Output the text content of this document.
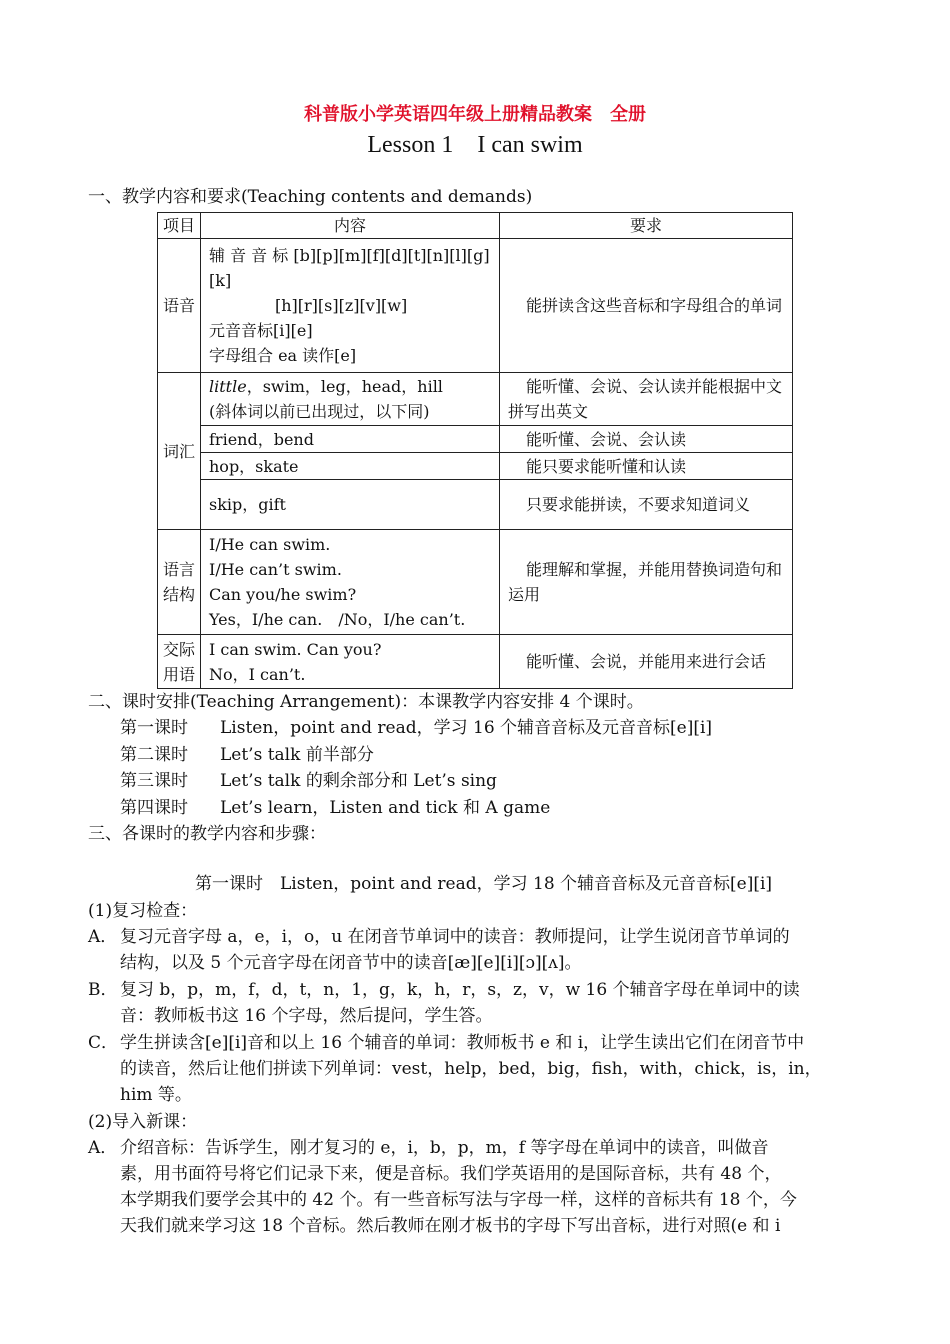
科普版小学英语四年级上册精品教案　全册
Lesson 1　I can swim
一、教学内容和要求(Teaching contents and demands)
项目	内容	要求
语音	辅 音 音 标 [b][p][m][f][d][t][n][l][g][k]
[h][r][s][z][v][w]
元音音标[i][e]
字母组合 ea 读作[e]	能拼读含这些音标和字母组合的单词
词汇	little，swim，leg，head，hill
(斜体词以前已出现过，以下同)	能听懂、会说、会认读并能根据中文拼写出英文
	friend，bend	能听懂、会说、会认读
	hop，skate	能只要求能听懂和认读
	skip，gift	只要求能拼读，不要求知道词义
语言结构	I/He can swim.
I/He can’t swim.
Can you/he swim?
Yes，I/he can.　/No，I/he can’t.	能理解和掌握，并能用替换词造句和运用
交际用语	I can swim. Can you?
No，I can’t.	能听懂、会说，并能用来进行会话
二、课时安排(Teaching Arrangement)：本课教学内容安排 4 个课时。
第一课时 Listen，point and read，学习 16 个辅音音标及元音音标[e][i]
第二课时 Let’s talk 前半部分
第三课时 Let’s talk 的剩余部分和 Let’s sing
第四课时 Let’s learn，Listen and tick 和 A game
三、各课时的教学内容和步骤：
第一课时　Listen，point and read，学习 18 个辅音音标及元音音标[e][i]
(1)复习检查：
A． 复习元音字母 a，e，i，o，u 在闭音节单词中的读音：教师提问，让学生说闭音节单词的
结构，以及 5 个元音字母在闭音节中的读音[æ][e][i][ɔ][ʌ]。
B． 复习 b，p，m，f，d，t，n，1，g，k，h，r，s，z，v，w 16 个辅音字母在单词中的读
音：教师板书这 16 个字母，然后提问，学生答。
C． 学生拼读含[e][i]音和以上 16 个辅音的单词：教师板书 e 和 i，让学生读出它们在闭音节中
的读音，然后让他们拼读下列单词：vest，help，bed，big，fish，with，chick，is，in，
him 等。
(2)导入新课：
A． 介绍音标：告诉学生，刚才复习的 e，i，b，p，m，f 等字母在单词中的读音，叫做音
素，用书面符号将它们记录下来，便是音标。我们学英语用的是国际音标，共有 48 个，
本学期我们要学会其中的 42 个。有一些音标写法与字母一样，这样的音标共有 18 个，今
天我们就来学习这 18 个音标。然后教师在刚才板书的字母下写出音标，进行对照(e 和 i
